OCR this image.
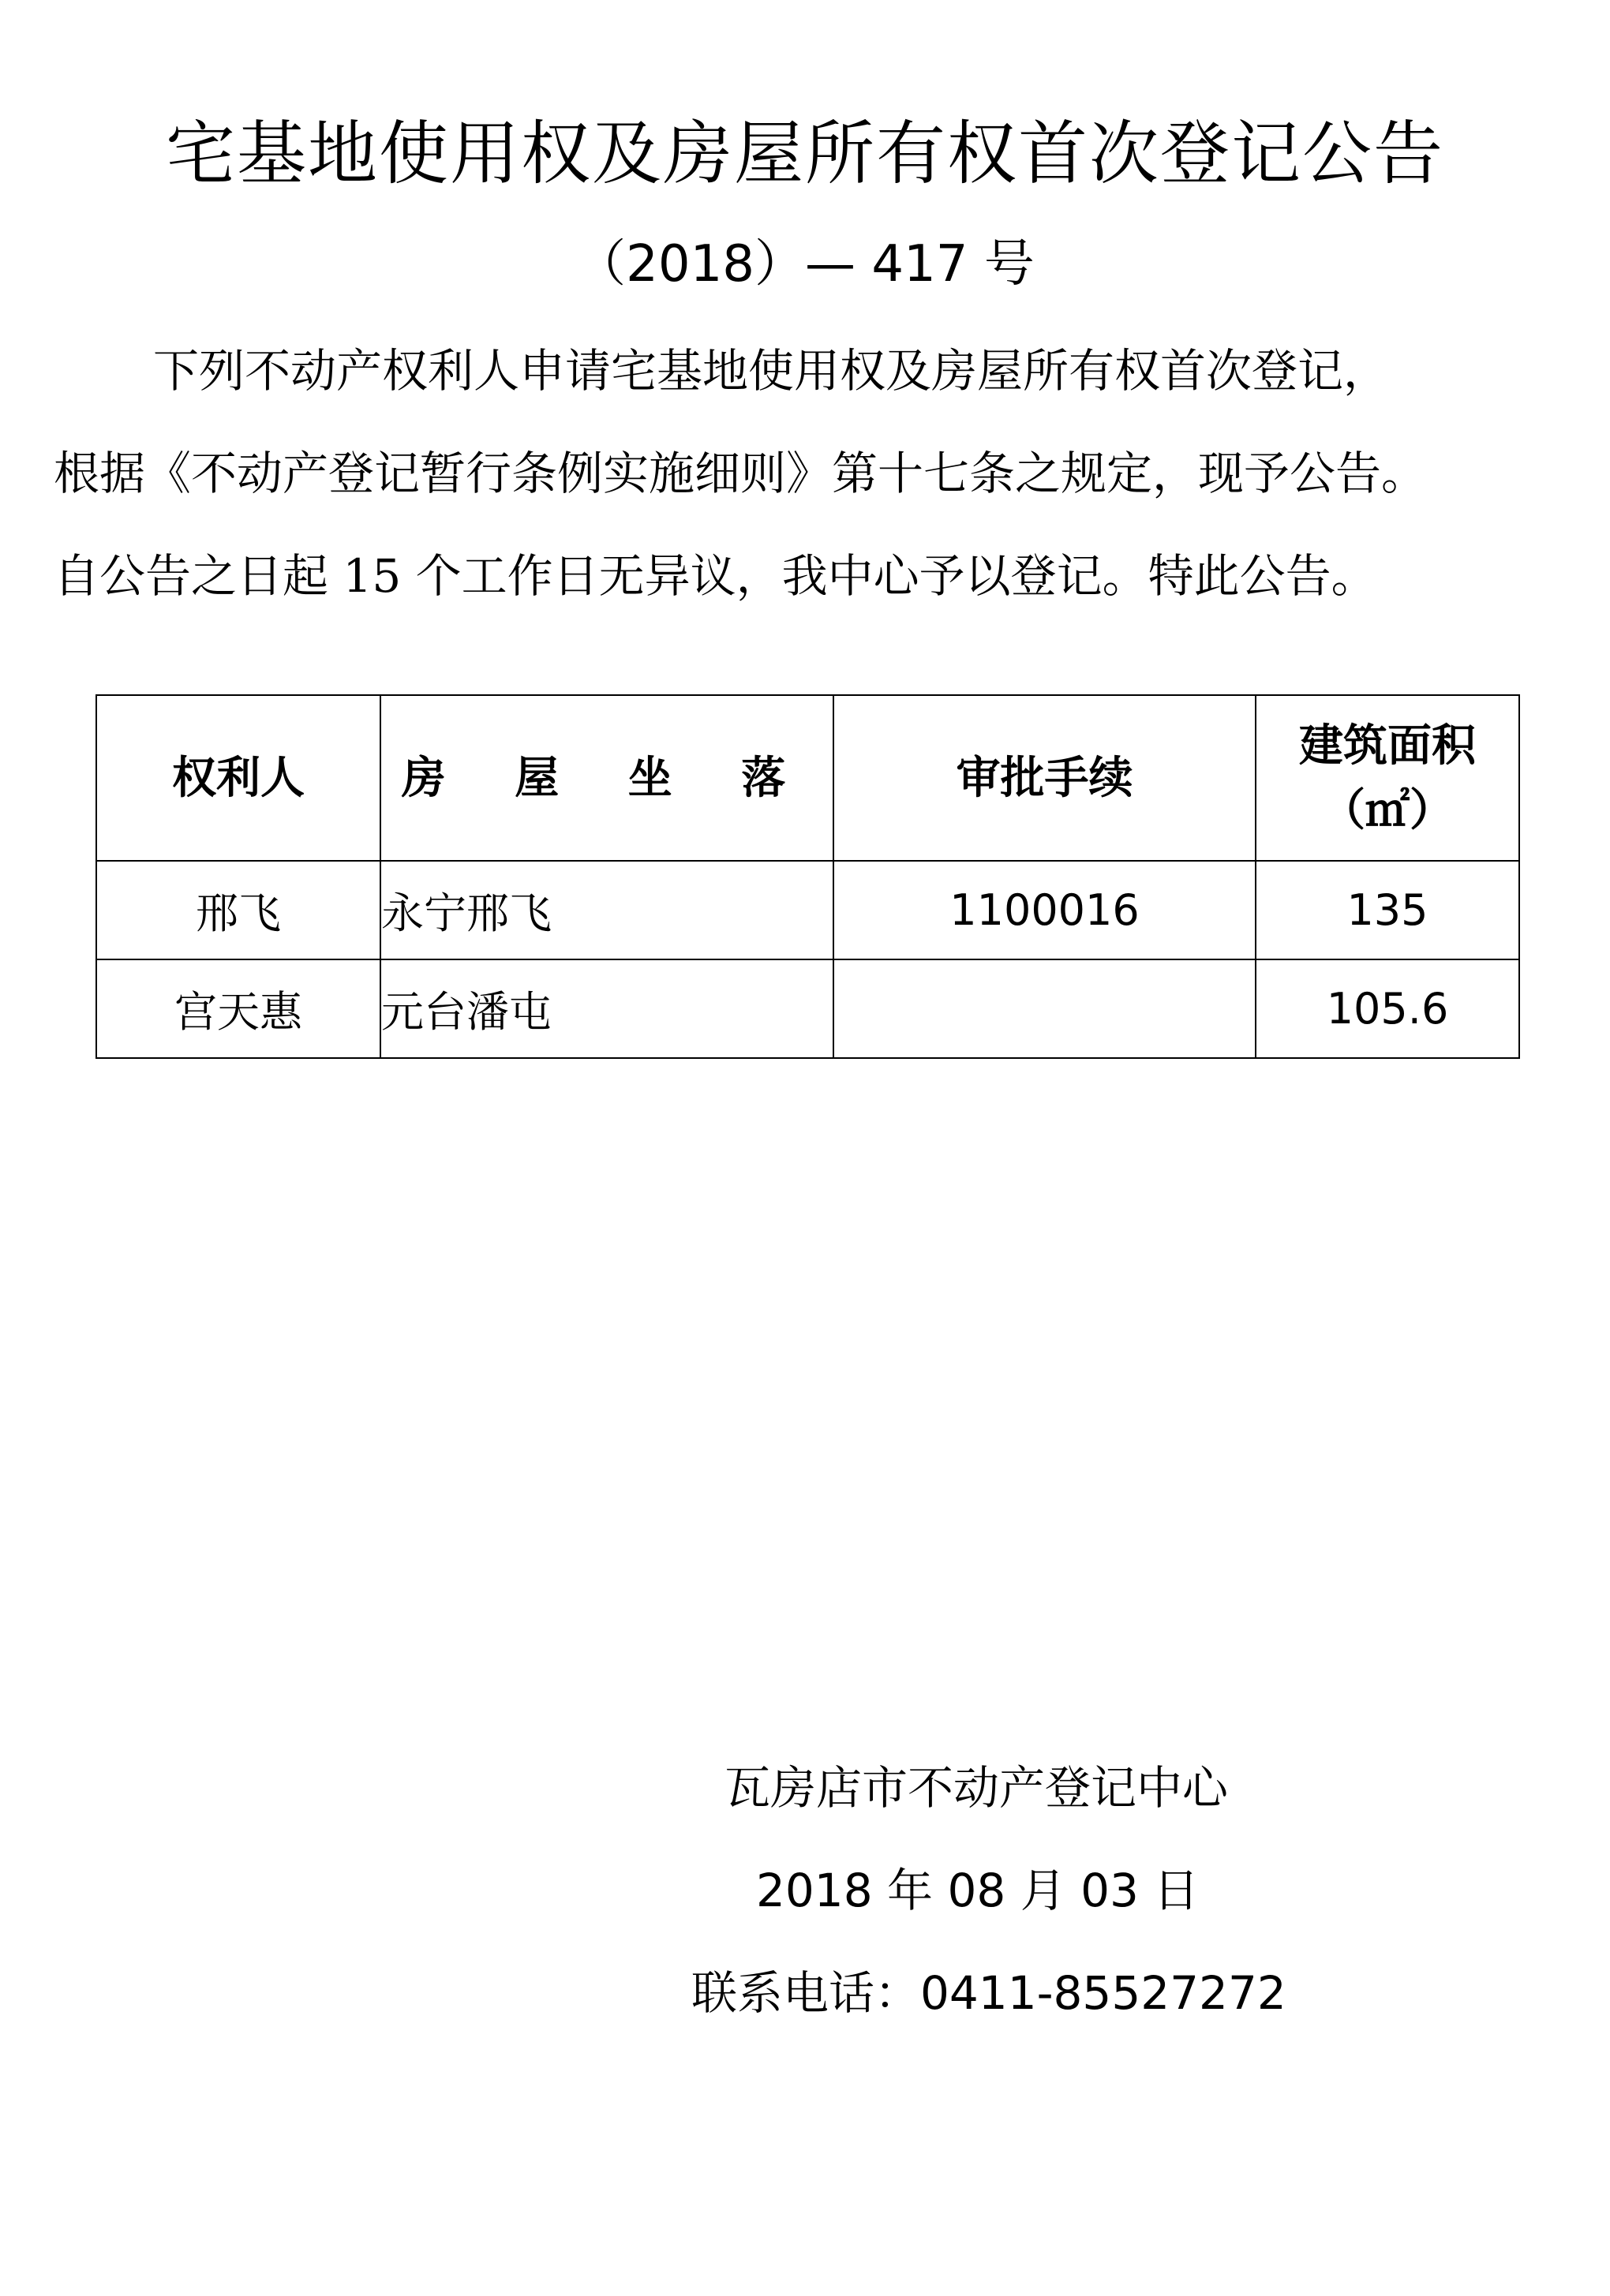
宅基地使用权及房屋所有权首次登记公告
（2018）— 417 号
下列不动产权利人申请宅基地使用权及房屋所有权首次登记，
根据《不动产登记暂行条例实施细则》第十七条之规定，现予公告。
自公告之日起 15 个工作日无异议，我中心予以登记。特此公告。
权利人	房 屋 坐 落	审批手续	建筑面积
（㎡）

邢飞	永宁邢飞	1100016	135
宫天惠	元台潘屯		105.6
瓦房店市不动产登记中心
2018 年 08 月 03 日
联系电话：0411-85527272
